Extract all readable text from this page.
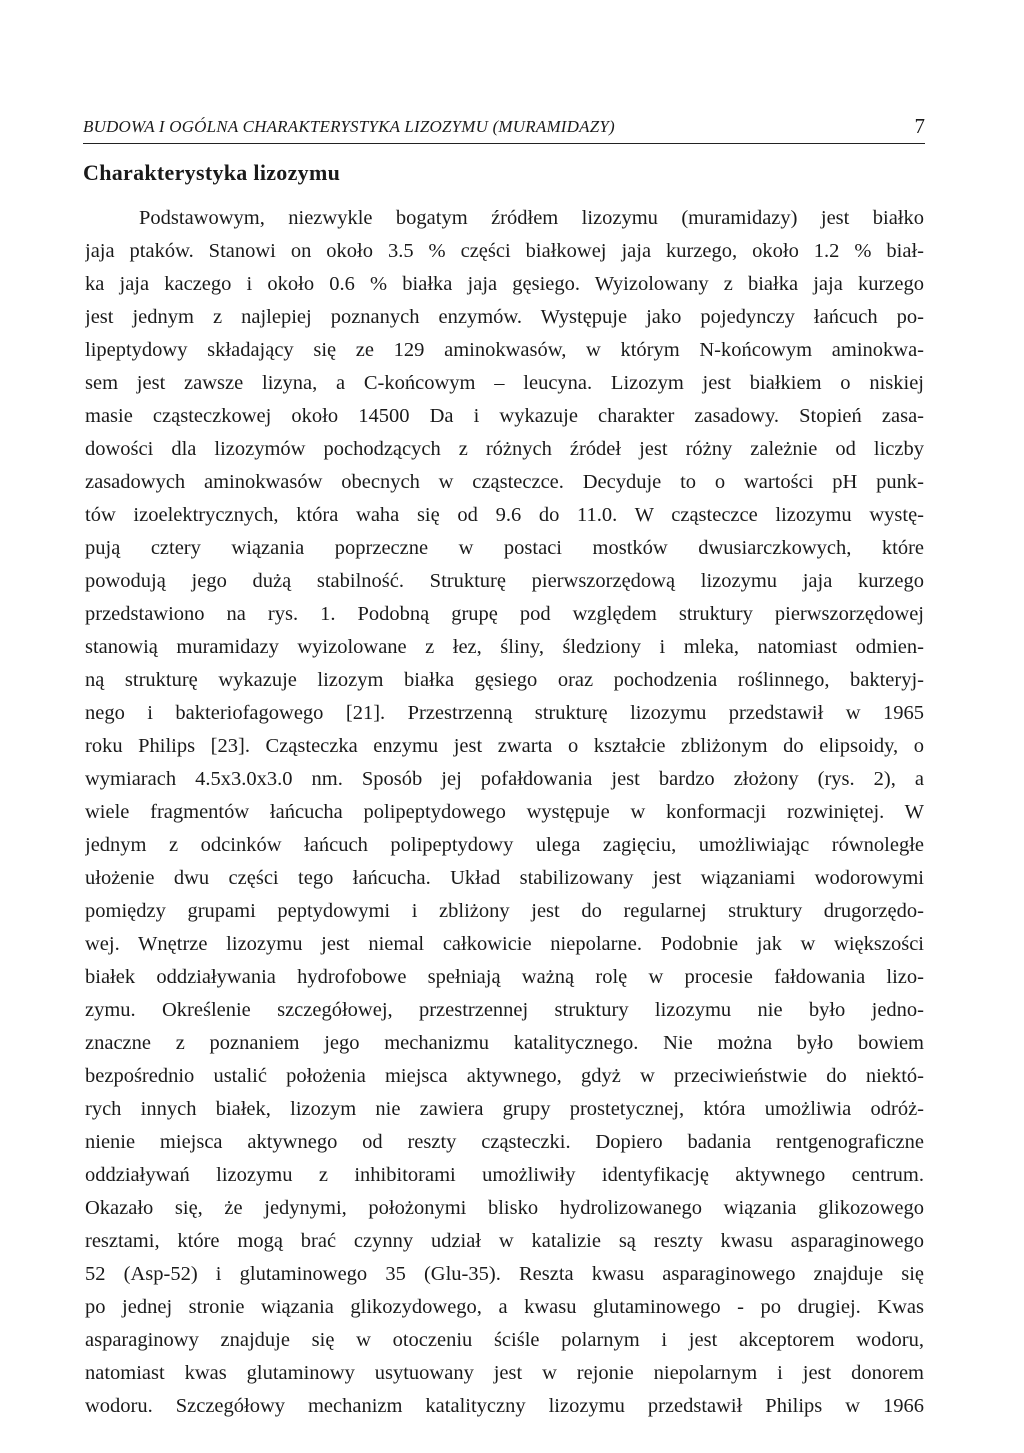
BUDOWA I OGÓLNA CHARAKTERYSTYKA LIZOZYMU (MURAMIDAZY)	7
Charakterystyka lizozymu
Podstawowym, niezwykle bogatym źródłem lizozymu (muramidazy) jest białko
jaja ptaków. Stanowi on około 3.5 % części białkowej jaja kurzego, około 1.2 % biał-
ka jaja kaczego i około 0.6 % białka jaja gęsiego. Wyizolowany z białka jaja kurzego
jest jednym z najlepiej poznanych enzymów. Występuje jako pojedynczy łańcuch po-
lipeptydowy składający się ze 129 aminokwasów, w którym N-końcowym aminokwa-
sem jest zawsze lizyna, a C-końcowym – leucyna. Lizozym jest białkiem o niskiej
masie cząsteczkowej około 14500 Da i wykazuje charakter zasadowy. Stopień zasa-
dowości dla lizozymów pochodzących z różnych źródeł jest różny zależnie od liczby
zasadowych aminokwasów obecnych w cząsteczce. Decyduje to o wartości pH punk-
tów izoelektrycznych, która waha się od 9.6 do 11.0. W cząsteczce lizozymu wystę-
pują cztery wiązania poprzeczne w postaci mostków dwusiarczkowych, które
powodują jego dużą stabilność. Strukturę pierwszorzędową lizozymu jaja kurzego
przedstawiono na rys. 1. Podobną grupę pod względem struktury pierwszorzędowej
stanowią muramidazy wyizolowane z łez, śliny, śledziony i mleka, natomiast odmien-
ną strukturę wykazuje lizozym białka gęsiego oraz pochodzenia roślinnego, bakteryj-
nego i bakteriofagowego [21]. Przestrzenną strukturę lizozymu przedstawił w 1965
roku Philips [23]. Cząsteczka enzymu jest zwarta o kształcie zbliżonym do elipsoidy, o
wymiarach 4.5x3.0x3.0 nm. Sposób jej pofałdowania jest bardzo złożony (rys. 2), a
wiele fragmentów łańcucha polipeptydowego występuje w konformacji rozwiniętej. W
jednym z odcinków łańcuch polipeptydowy ulega zagięciu, umożliwiając równoległe
ułożenie dwu części tego łańcucha. Układ stabilizowany jest wiązaniami wodorowymi
pomiędzy grupami peptydowymi i zbliżony jest do regularnej struktury drugorzędo-
wej. Wnętrze lizozymu jest niemal całkowicie niepolarne. Podobnie jak w większości
białek oddziaływania hydrofobowe spełniają ważną rolę w procesie fałdowania lizo-
zymu. Określenie szczegółowej, przestrzennej struktury lizozymu nie było jedno-
znaczne z poznaniem jego mechanizmu katalitycznego. Nie można było bowiem
bezpośrednio ustalić położenia miejsca aktywnego, gdyż w przeciwieństwie do niektó-
rych innych białek, lizozym nie zawiera grupy prostetycznej, która umożliwia odróż-
nienie miejsca aktywnego od reszty cząsteczki. Dopiero badania rentgenograficzne
oddziaływań lizozymu z inhibitorami umożliwiły identyfikację aktywnego centrum.
Okazało się, że jedynymi, położonymi blisko hydrolizowanego wiązania glikozowego
resztami, które mogą brać czynny udział w katalizie są reszty kwasu asparaginowego
52 (Asp-52) i glutaminowego 35 (Glu-35). Reszta kwasu asparaginowego znajduje się
po jednej stronie wiązania glikozydowego, a kwasu glutaminowego - po drugiej. Kwas
asparaginowy znajduje się w otoczeniu ściśle polarnym i jest akceptorem wodoru,
natomiast kwas glutaminowy usytuowany jest w rejonie niepolarnym i jest donorem
wodoru. Szczegółowy mechanizm katalityczny lizozymu przedstawił Philips w 1966
